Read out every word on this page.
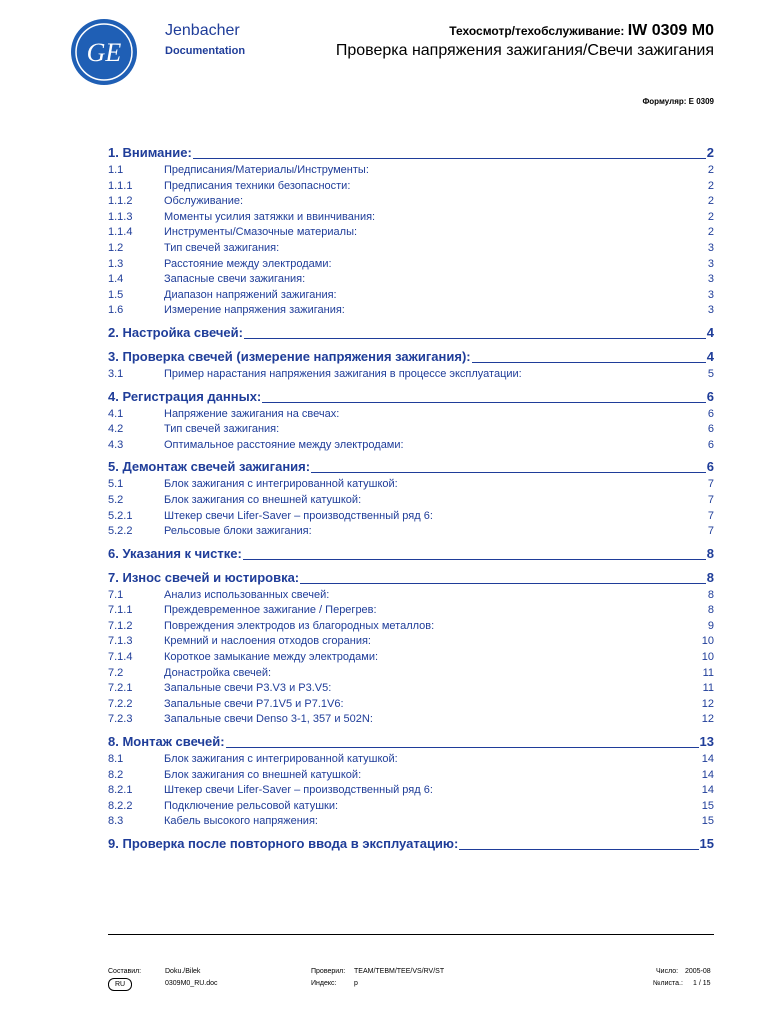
GE
Jenbacher
Documentation
Техосмотр/техобслуживание: IW 0309 M0
Проверка напряжения зажигания/Свечи зажигания
Формуляр: E 0309
1. Внимание:	2
1.1	Предписания/Материалы/Инструменты:	2
1.1.1	Предписания техники безопасности:	2
1.1.2	Обслуживание:	2
1.1.3	Моменты усилия затяжки и ввинчивания:	2
1.1.4	Инструменты/Смазочные материалы:	2
1.2	Тип свечей зажигания:	3
1.3	Расстояние между электродами:	3
1.4	Запасные свечи зажигания:	3
1.5	Диапазон напряжений зажигания:	3
1.6	Измерение напряжения зажигания:	3
2. Настройка свечей:	4
3. Проверка свечей (измерение напряжения зажигания):	4
3.1	Пример нарастания напряжения зажигания в процессе эксплуатации:	5
4. Регистрация данных:	6
4.1	Напряжение зажигания на свечах:	6
4.2	Тип свечей зажигания:	6
4.3	Оптимальное расстояние между электродами:	6
5. Демонтаж свечей зажигания:	6
5.1	Блок зажигания с интегрированной катушкой:	7
5.2	Блок зажигания со внешней катушкой:	7
5.2.1	Штекер свечи Lifer-Saver – производственный ряд 6:	7
5.2.2	Рельсовые блоки зажигания:	7
6. Указания к чистке:	8
7. Износ свечей и юстировка:	8
7.1	Анализ использованных свечей:	8
7.1.1	Преждевременное зажигание / Перегрев:	8
7.1.2	Повреждения электродов из благородных металлов:	9
7.1.3	Кремний и наслоения отходов сгорания:	10
7.1.4	Короткое замыкание между электродами:	10
7.2	Донастройка свечей:	11
7.2.1	Запальные свечи P3.V3 и P3.V5:	11
7.2.2	Запальные свечи P7.1V5 и P7.1V6:	12
7.2.3	Запальные свечи Denso 3-1, 357 и 502N:	12
8. Монтаж свечей:	13
8.1	Блок зажигания с интегрированной катушкой:	14
8.2	Блок зажигания со внешней катушкой:	14
8.2.1	Штекер свечи Lifer-Saver – производственный ряд 6:	14
8.2.2	Подключение рельсовой катушки:	15
8.3	Кабель высокого напряжения:	15
9. Проверка после повторного ввода в эксплуатацию:	15
Составил:	Doku./Bilek
RU	0309M0_RU.doc
Проверил: TEAM/TEBM/TEE/VS/RV/ST
Индекс:	p
Число: 2005-08
№листа.: 1 / 15
